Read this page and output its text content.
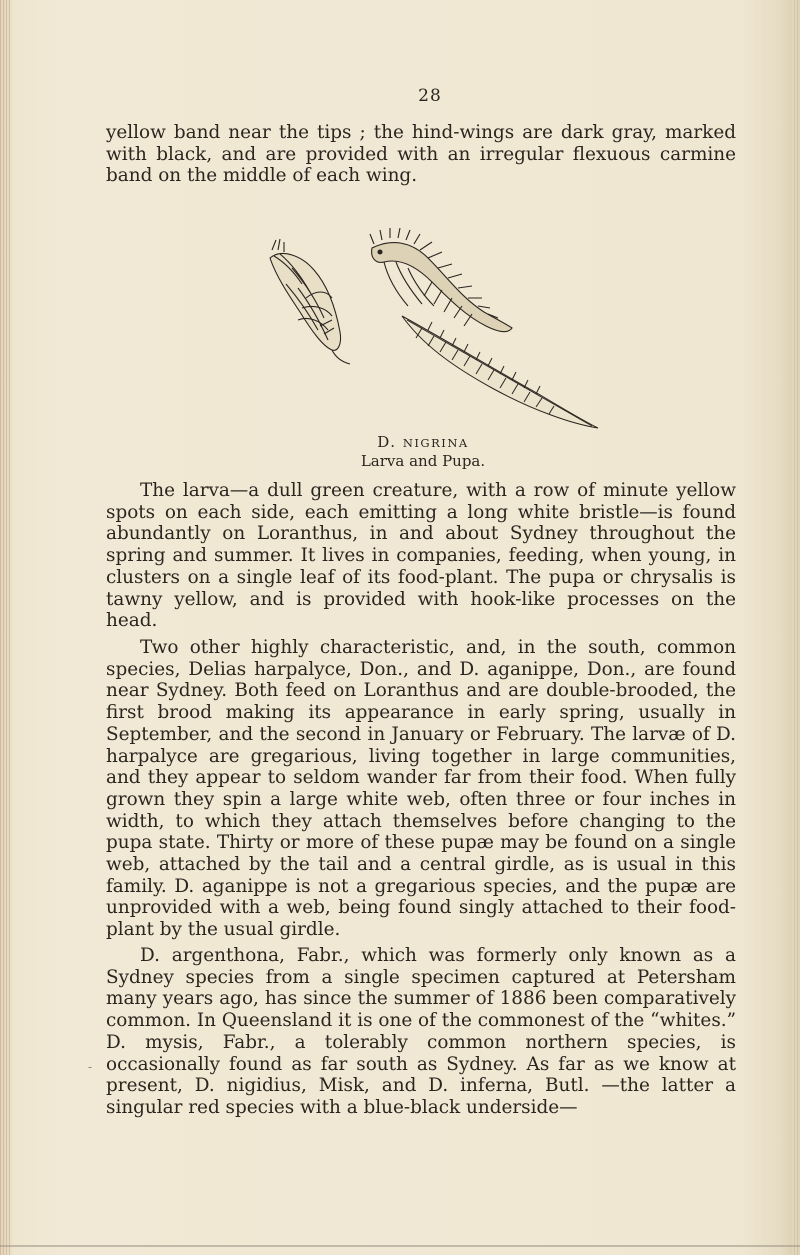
28
yellow band near the tips ; the hind-wings are dark gray, marked with black, and are provided with an irregular flexuous carmine band on the middle of each wing.
D. NIGRINA
Larva and Pupa.
The larva—a dull green creature, with a row of minute yellow spots on each side, each emitting a long white bristle—is found abundantly on Loranthus, in and about Sydney throughout the spring and summer. It lives in companies, feeding, when young, in clusters on a single leaf of its food-plant. The pupa or chrysalis is tawny yellow, and is provided with hook-like processes on the head.
Two other highly characteristic, and, in the south, common species, Delias harpalyce, Don., and D. aganippe, Don., are found near Sydney. Both feed on Loranthus and are double-brooded, the first brood making its appearance in early spring, usually in September, and the second in January or February. The larvæ of D. harpalyce are gregarious, living together in large communities, and they appear to seldom wander far from their food. When fully grown they spin a large white web, often three or four inches in width, to which they attach themselves before changing to the pupa state. Thirty or more of these pupæ may be found on a single web, attached by the tail and a central girdle, as is usual in this family. D. aganippe is not a gregarious species, and the pupæ are unprovided with a web, being found singly attached to their food-plant by the usual girdle.
D. argenthona, Fabr., which was formerly only known as a Sydney species from a single specimen captured at Petersham many years ago, has since the summer of 1886 been comparatively common. In Queensland it is one of the commonest of the “whites.” D. mysis, Fabr., a tolerably common northern species, is occasionally found as far south as Sydney. As far as we know at present, D. nigidius, Misk, and D. inferna, Butl. —the latter a singular red species with a blue-black underside—
-
